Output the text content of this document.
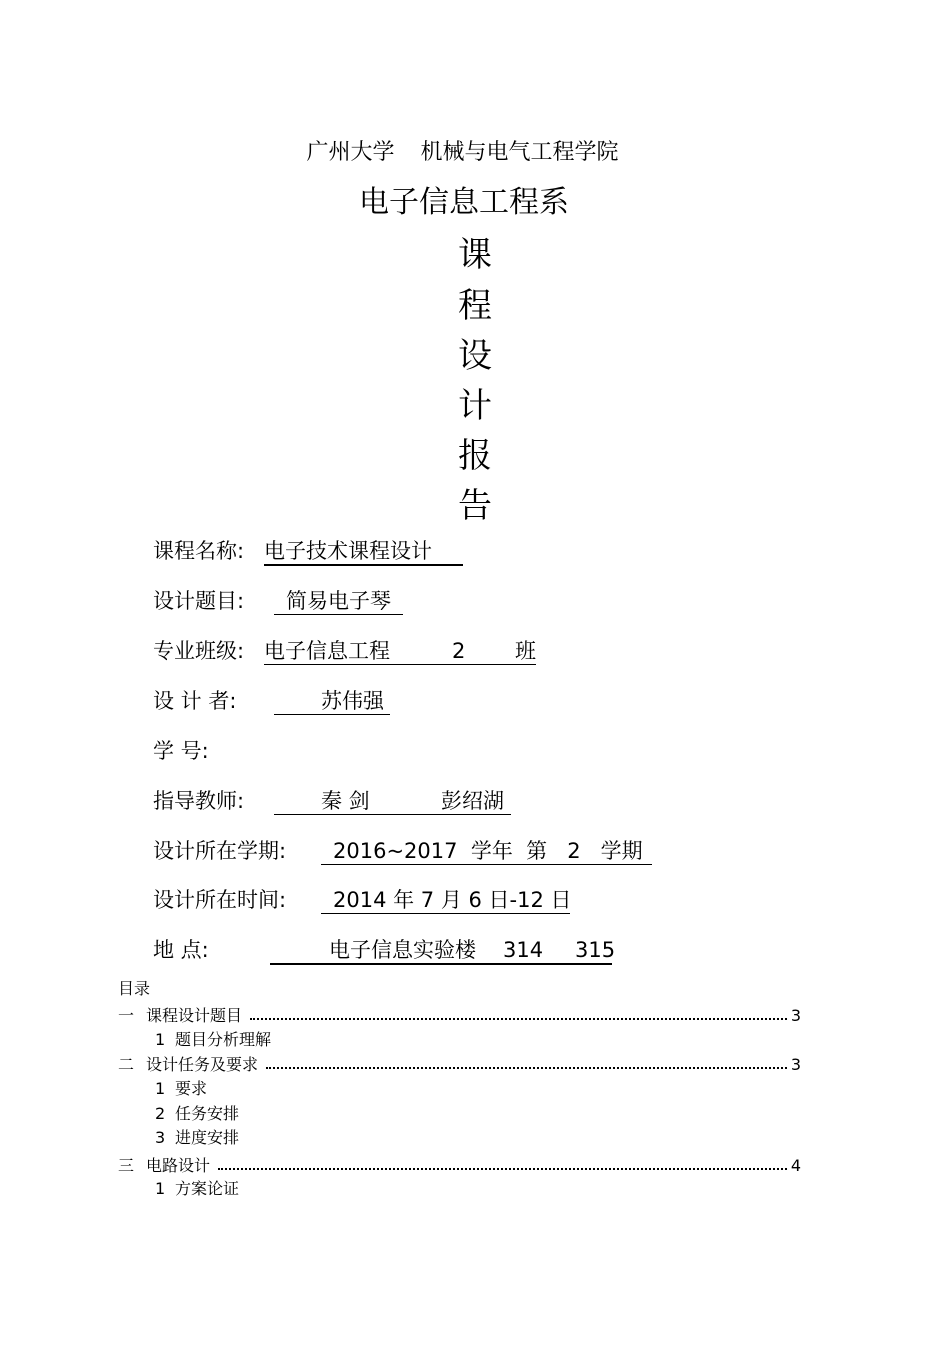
广州大学 机械与电气工程学院
电子信息工程系
课
程
设
计
报
告
课程名称: 电子技术课程设计
设计题目:	简易电子琴
专业班级: 电子信息工程	2 班
设 计 者:	苏伟强
学 号:
指导教师:	秦 剑	彭绍湖
设计所在学期:	2016~2017  学年  第   2   学期
设计所在时间:	2014 年 7 月 6 日-12 日
地 点:	电子信息实验楼 314 315
目录
一 课程设计题目	3
1 题目分析理解
二 设计任务及要求	3
1 要求
2 任务安排
3 进度安排
三 电路设计	4
1 方案论证
